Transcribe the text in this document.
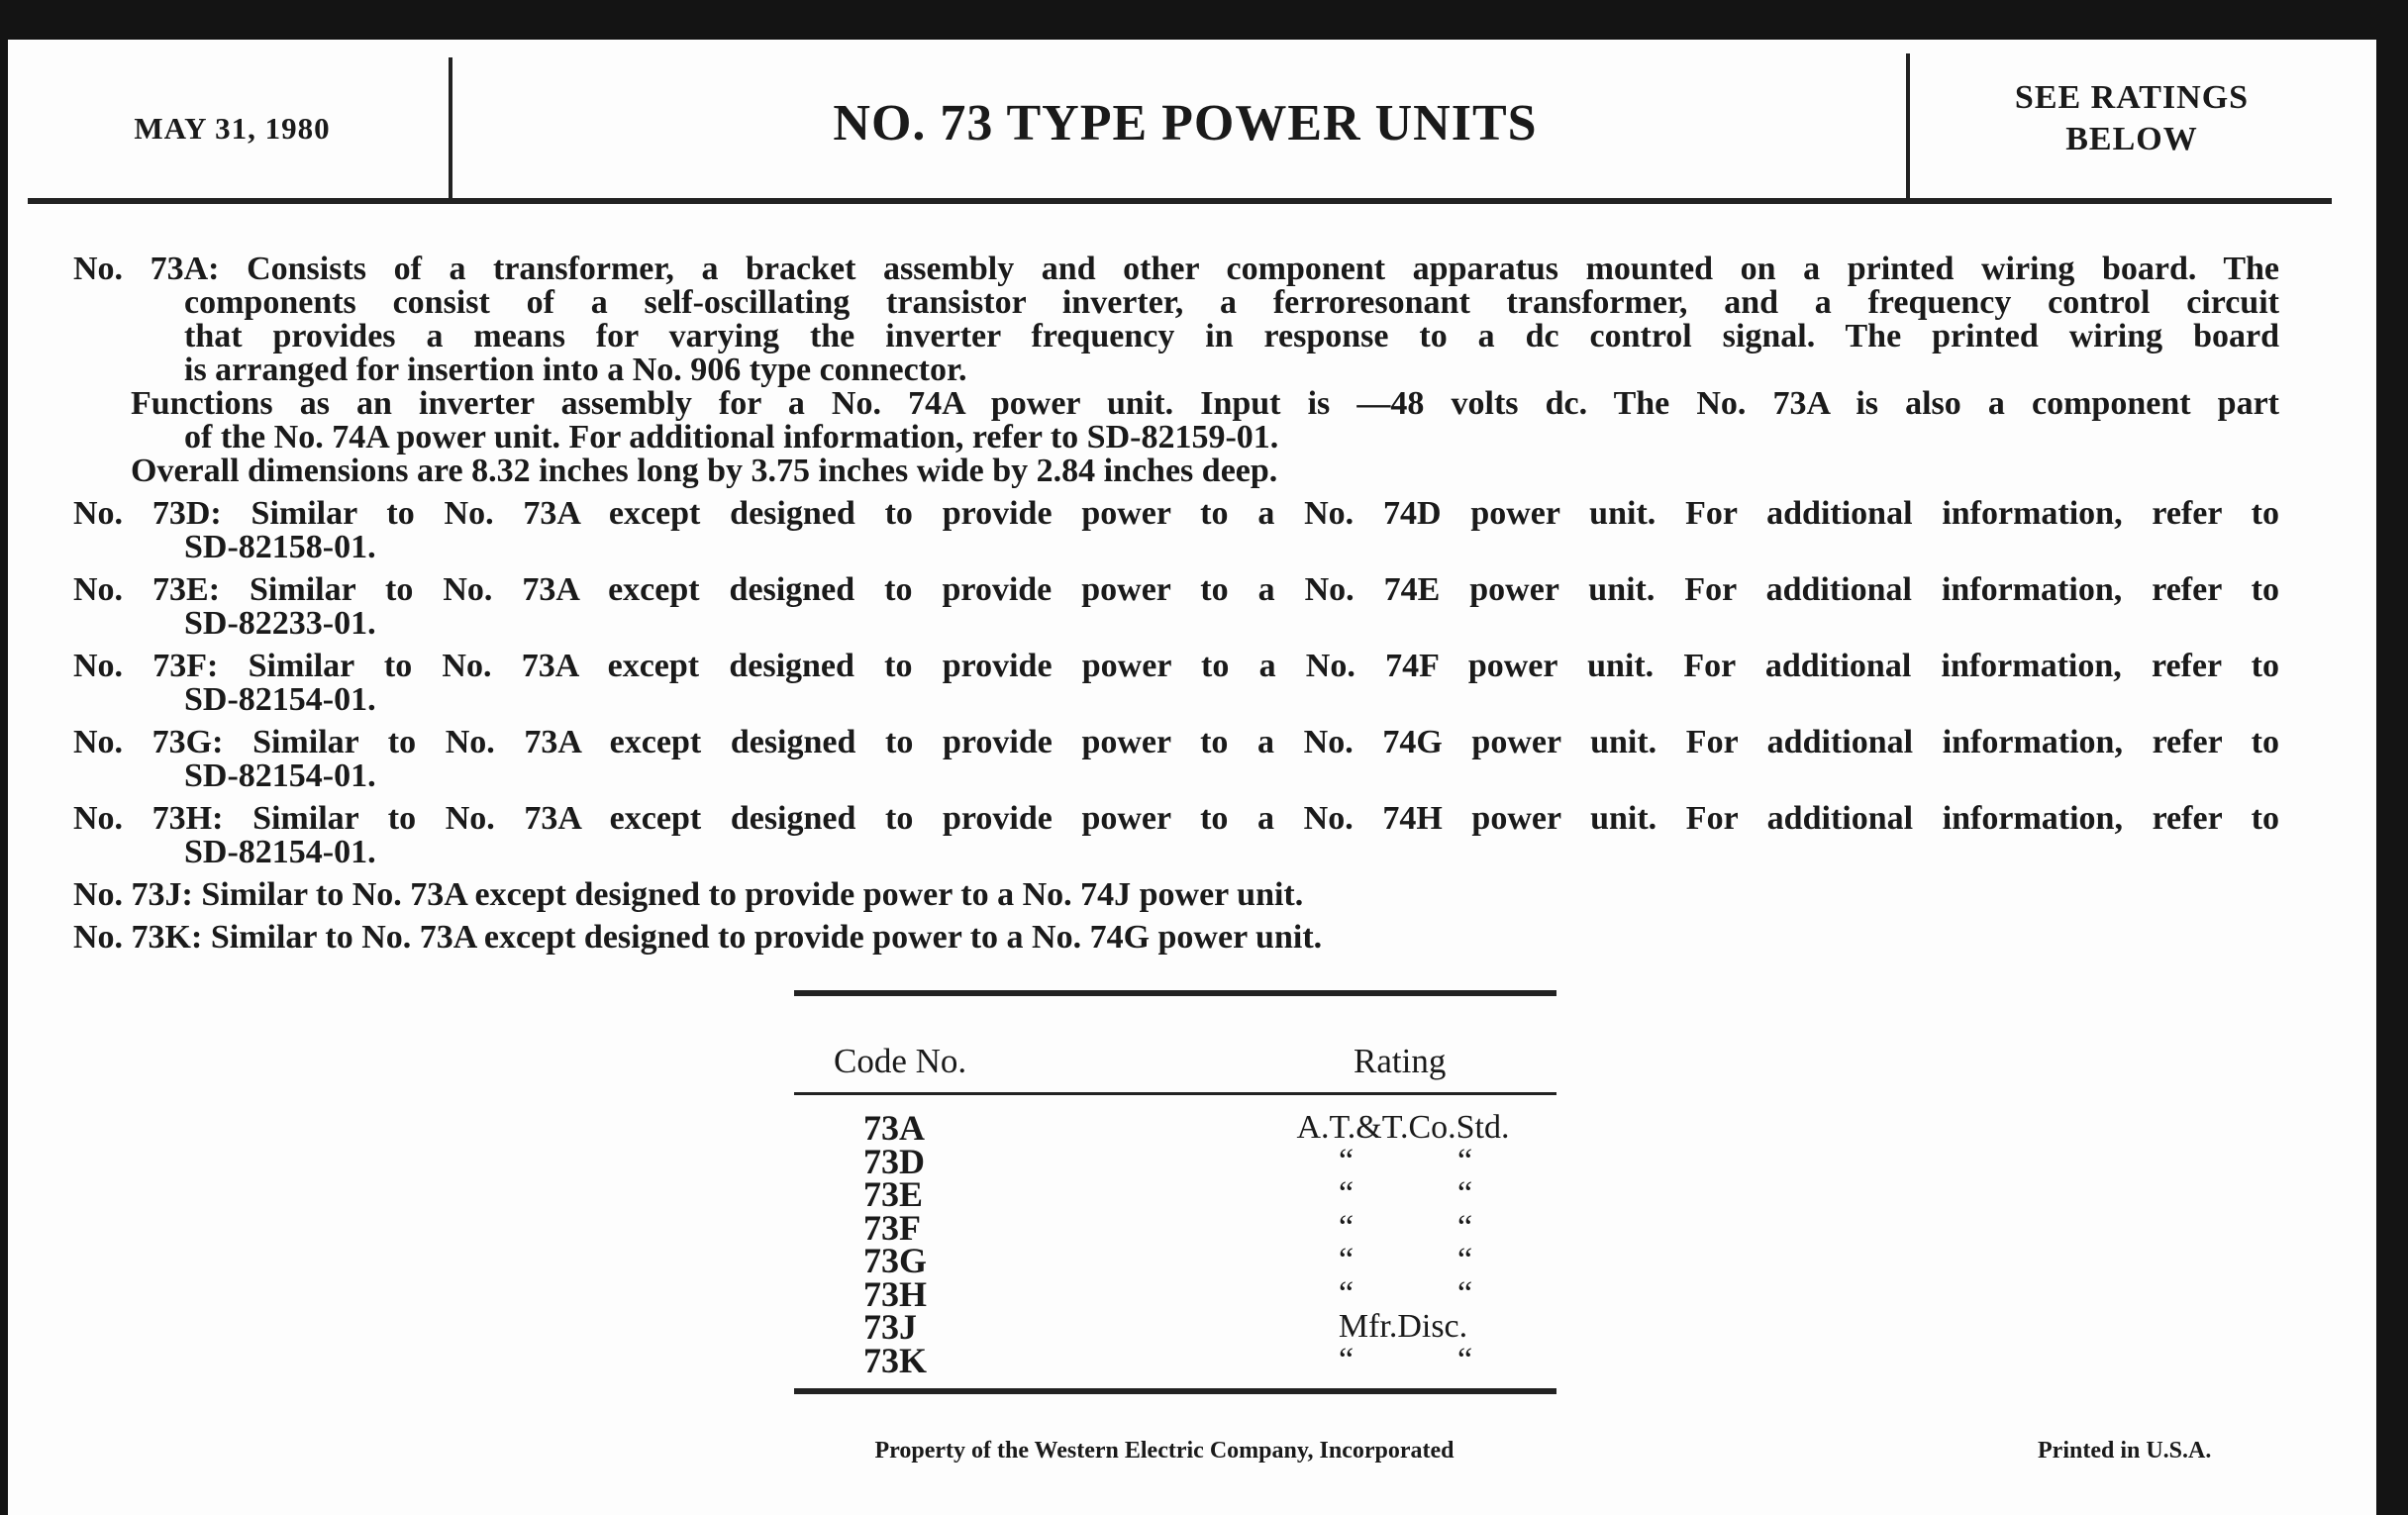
MAY 31, 1980	NO. 73 TYPE POWER UNITS	SEE RATINGS
BELOW
No. 73A: Consists of a transformer, a bracket assembly and other component apparatus mounted on a printed wiring board. The
components consist of a self-oscillating transistor inverter, a ferroresonant transformer, and a frequency control circuit
that provides a means for varying the inverter frequency in response to a dc control signal. The printed wiring board
is arranged for insertion into a No. 906 type connector.
Functions as an inverter assembly for a No. 74A power unit. Input is —48 volts dc. The No. 73A is also a component part
of the No. 74A power unit. For additional information, refer to SD-82159-01.
Overall dimensions are 8.32 inches long by 3.75 inches wide by 2.84 inches deep.
No. 73D: Similar to No. 73A except designed to provide power to a No. 74D power unit. For additional information, refer to
SD-82158-01.
No. 73E: Similar to No. 73A except designed to provide power to a No. 74E power unit. For additional information, refer to
SD-82233-01.
No. 73F: Similar to No. 73A except designed to provide power to a No. 74F power unit. For additional information, refer to
SD-82154-01.
No. 73G: Similar to No. 73A except designed to provide power to a No. 74G power unit. For additional information, refer to
SD-82154-01.
No. 73H: Similar to No. 73A except designed to provide power to a No. 74H power unit. For additional information, refer to
SD-82154-01.
No. 73J: Similar to No. 73A except designed to provide power to a No. 74J power unit.
No. 73K: Similar to No. 73A except designed to provide power to a No. 74G power unit.
Code No.	Rating
73A	A.T.&T.Co.Std.
73D	“	“
73E	“	“
73F	“	“
73G	“	“
73H	“	“
73J	Mfr.Disc.
73K	“	“
Property of the Western Electric Company, Incorporated	Printed in U.S.A.
